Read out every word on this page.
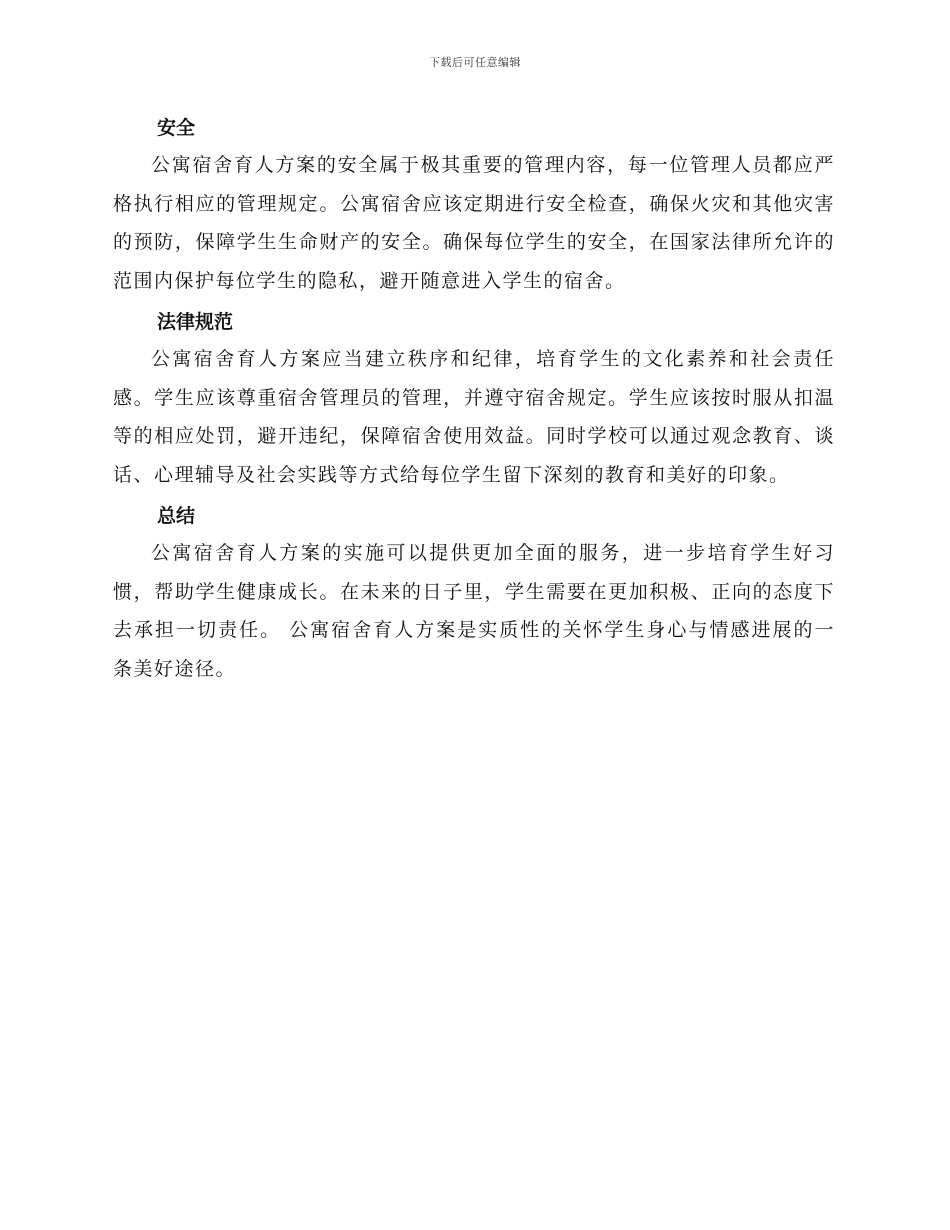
下载后可任意编辑
安全

公寓宿舍育人方案的安全属于极其重要的管理内容，每一位管理人员都应严格执行相应的管理规定。公寓宿舍应该定期进行安全检查，确保火灾和其他灾害的预防，保障学生生命财产的安全。确保每位学生的安全，在国家法律所允许的范围内保护每位学生的隐私，避开随意进入学生的宿舍。

法律规范

公寓宿舍育人方案应当建立秩序和纪律，培育学生的文化素养和社会责任感。学生应该尊重宿舍管理员的管理，并遵守宿舍规定。学生应该按时服从扣温等的相应处罚，避开违纪，保障宿舍使用效益。同时学校可以通过观念教育、谈话、心理辅导及社会实践等方式给每位学生留下深刻的教育和美好的印象。

总结

公寓宿舍育人方案的实施可以提供更加全面的服务，进一步培育学生好习惯，帮助学生健康成长。在未来的日子里，学生需要在更加积极、正向的态度下去承担一切责任。 公寓宿舍育人方案是实质性的关怀学生身心与情感进展的一条美好途径。
